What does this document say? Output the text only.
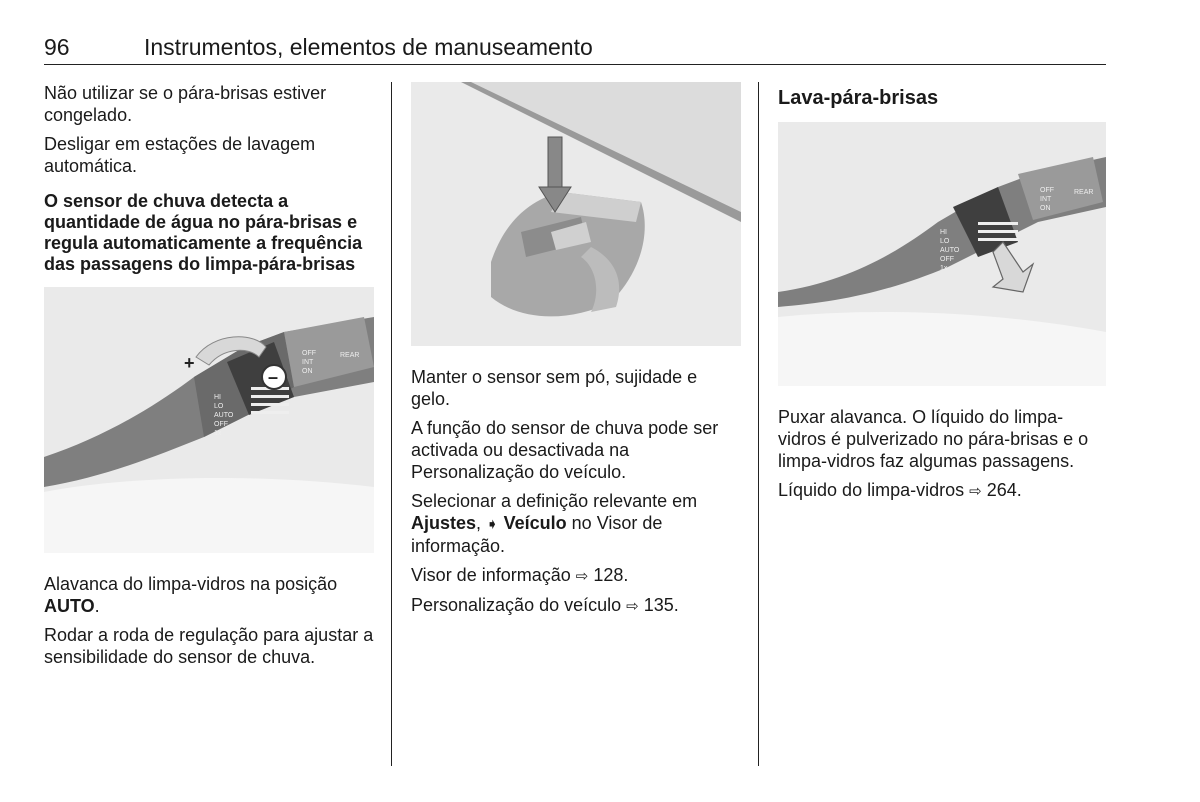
96	Instrumentos, elementos de manuseamento

Não utilizar se o pára-brisas estiver congelado.

Desligar em estações de lavagem automática.

O sensor de chuva detecta a quantidade de água no pára-brisas e regula automaticamente a frequência das passagens do limpa-pára-brisas

+
–
OFF
INT
ON
REAR
HI
LO
AUTO
OFF
1x

Alavanca do limpa-vidros na posição AUTO.

Rodar a roda de regulação para ajustar a sensibilidade do sensor de chuva.

Manter o sensor sem pó, sujidade e gelo.

A função do sensor de chuva pode ser activada ou desactivada na Personalização do veículo.

Selecionar a definição relevante em Ajustes, ➧ Veículo no Visor de informação.

Visor de informação ⇨ 128.

Personalização do veículo ⇨ 135.

Lava-pára-brisas
OFF
INT
ON
REAR
HI
LO
AUTO
OFF
1x

Puxar alavanca. O líquido do limpa-vidros é pulverizado no pára-brisas e o limpa-vidros faz algumas passagens.

Líquido do limpa-vidros ⇨ 264.
